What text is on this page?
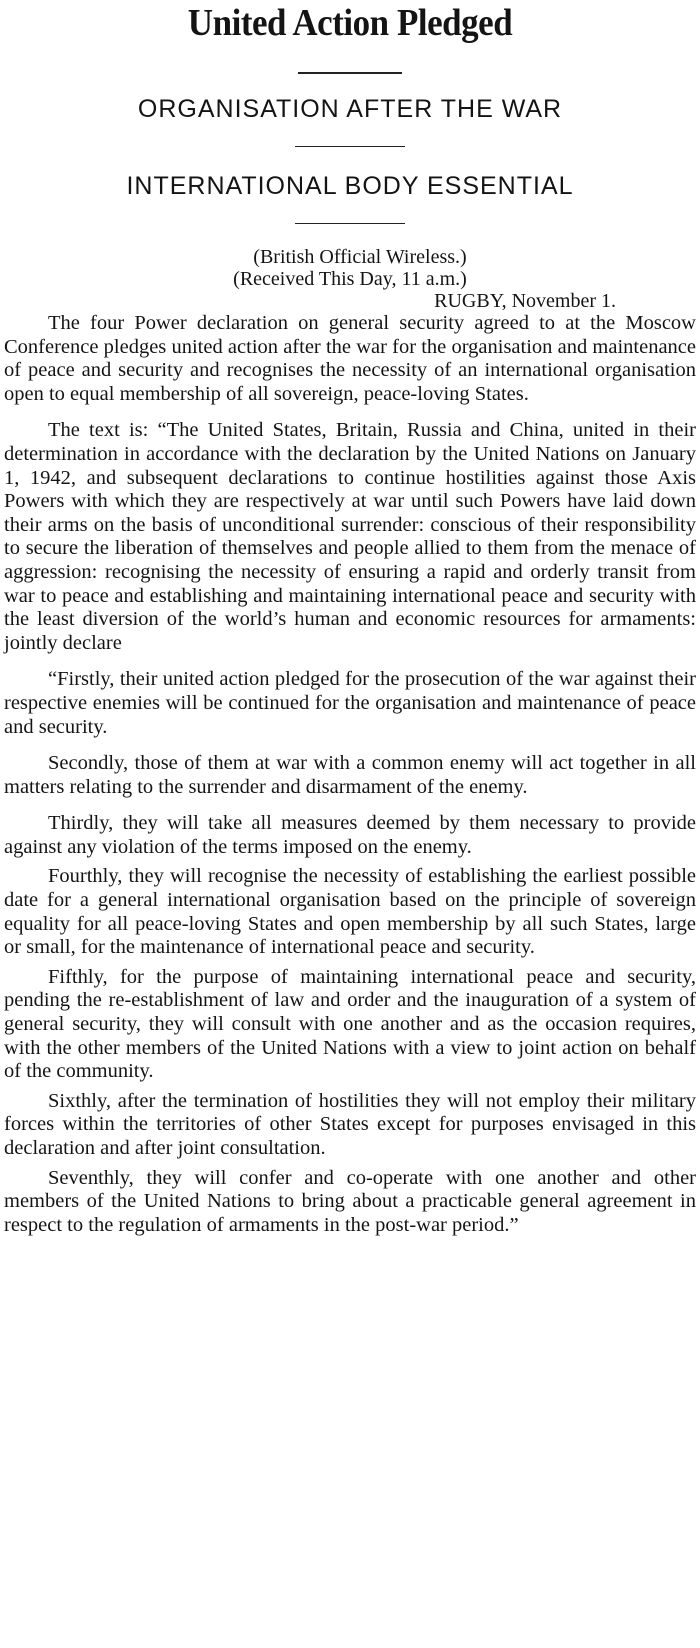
United Action Pledged
ORGANISATION AFTER THE WAR
INTERNATIONAL BODY ESSENTIAL

(British Official Wireless.)

(Received This Day, 11 a.m.)

RUGBY, November 1.

The four Power declaration on general security agreed to at the Moscow Conference pledges united action after the war for the organisation and maintenance of peace and security and recognises the necessity of an international organisation open to equal membership of all sovereign, peace-loving States.

The text is: “The United States, Britain, Russia and China, united in their determination in accordance with the declaration by the United Nations on January 1, 1942, and subsequent declarations to continue hostilities against those Axis Powers with which they are respectively at war until such Powers have laid down their arms on the basis of unconditional surrender: conscious of their responsibility to secure the liberation of themselves and people allied to them from the menace of aggression: recognising the necessity of ensuring a rapid and orderly transit from war to peace and establishing and maintaining international peace and security with the least diversion of the world’s human and economic resources for armaments: jointly declare

“Firstly, their united action pledged for the prosecution of the war against their respective enemies will be continued for the organisation and maintenance of peace and security.

Secondly, those of them at war with a common enemy will act together in all matters relating to the surrender and disarmament of the enemy.

Thirdly, they will take all measures deemed by them necessary to provide against any violation of the terms imposed on the enemy.

Fourthly, they will recognise the necessity of establishing the earliest possible date for a general international organisation based on the principle of sovereign equality for all peace-loving States and open membership by all such States, large or small, for the maintenance of international peace and security.

Fifthly, for the purpose of maintaining international peace and security, pending the re-establishment of law and order and the inauguration of a system of general security, they will consult with one another and as the occasion requires, with the other members of the United Nations with a view to joint action on behalf of the community.

Sixthly, after the termination of hostilities they will not employ their military forces within the territories of other States except for purposes envisaged in this declaration and after joint consultation.

Seventhly, they will confer and co-operate with one another and other members of the United Nations to bring about a practicable general agreement in respect to the regulation of armaments in the post-war period.”
